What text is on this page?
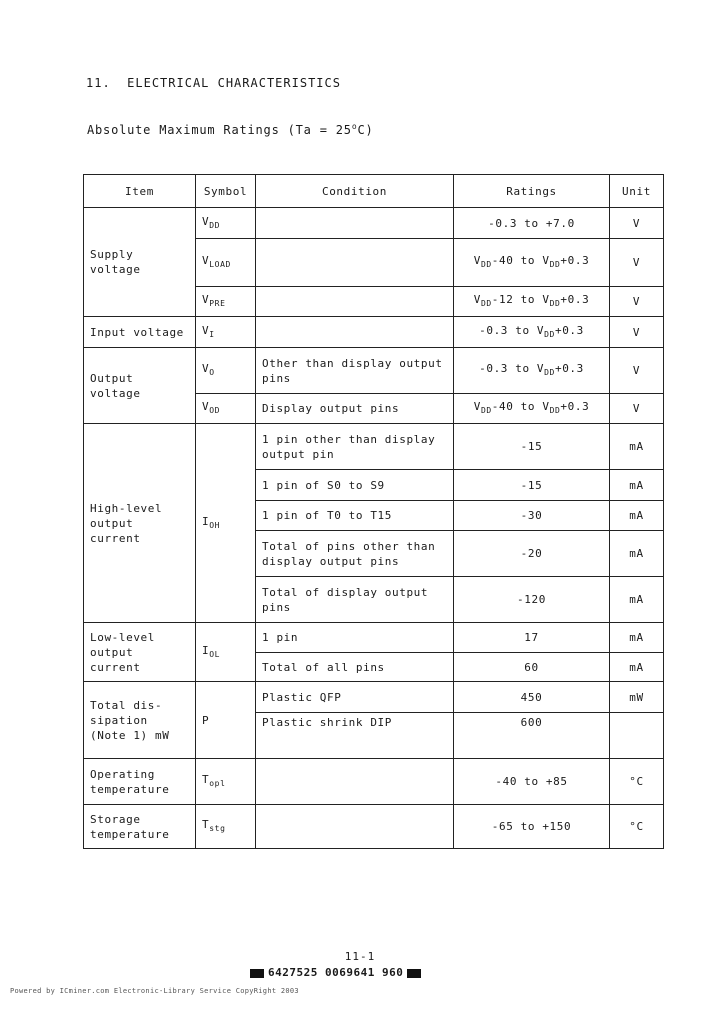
11. ELECTRICAL CHARACTERISTICS
Absolute Maximum Ratings $(Ta = 25^oC)$
Item	Symbol	Condition	Ratings	Unit
Supply voltage	$V_{DD}$		-0.3 to +7.0	V
	$V_{LOAD}$		$V_{DD}-40$ to $V_{DD}+0.3$	V
	$V_{PRE}$		$V_{DD}-12$ to $V_{DD}+0.3$	V
Input voltage	$V_I$		-0.3 to $V_{DD}+0.3$	V
Output voltage	$V_O$	Other than display output pins	-0.3 to $V_{DD}+0.3$	V
	$V_{OD}$	Display output pins	$V_{DD}-40$ to $V_{DD}+0.3$	V
High-level output current	$I_{OH}$	1 pin other than display output pin	-15	mA
		1 pin of S0 to S9	-15	mA
		1 pin of T0 to T15	-30	mA
		Total of pins other than display output pins	-20	mA
		Total of display output pins	-120	mA
Low-level output current	$I_{OL}$	1 pin	17	mA
		Total of all pins	60	mA
Total dis- sipation (Note 1) mW	P	Plastic QFP	450	mW
		Plastic shrink DIP	600	
Operating temperature	$T_{opl}$		-40 to +85	°C
Storage temperature	$T_{stg}$		-65 to +150	°C
11-1
6427525 0069641 960
Powered by ICminer.com Electronic-Library Service CopyRight 2003
